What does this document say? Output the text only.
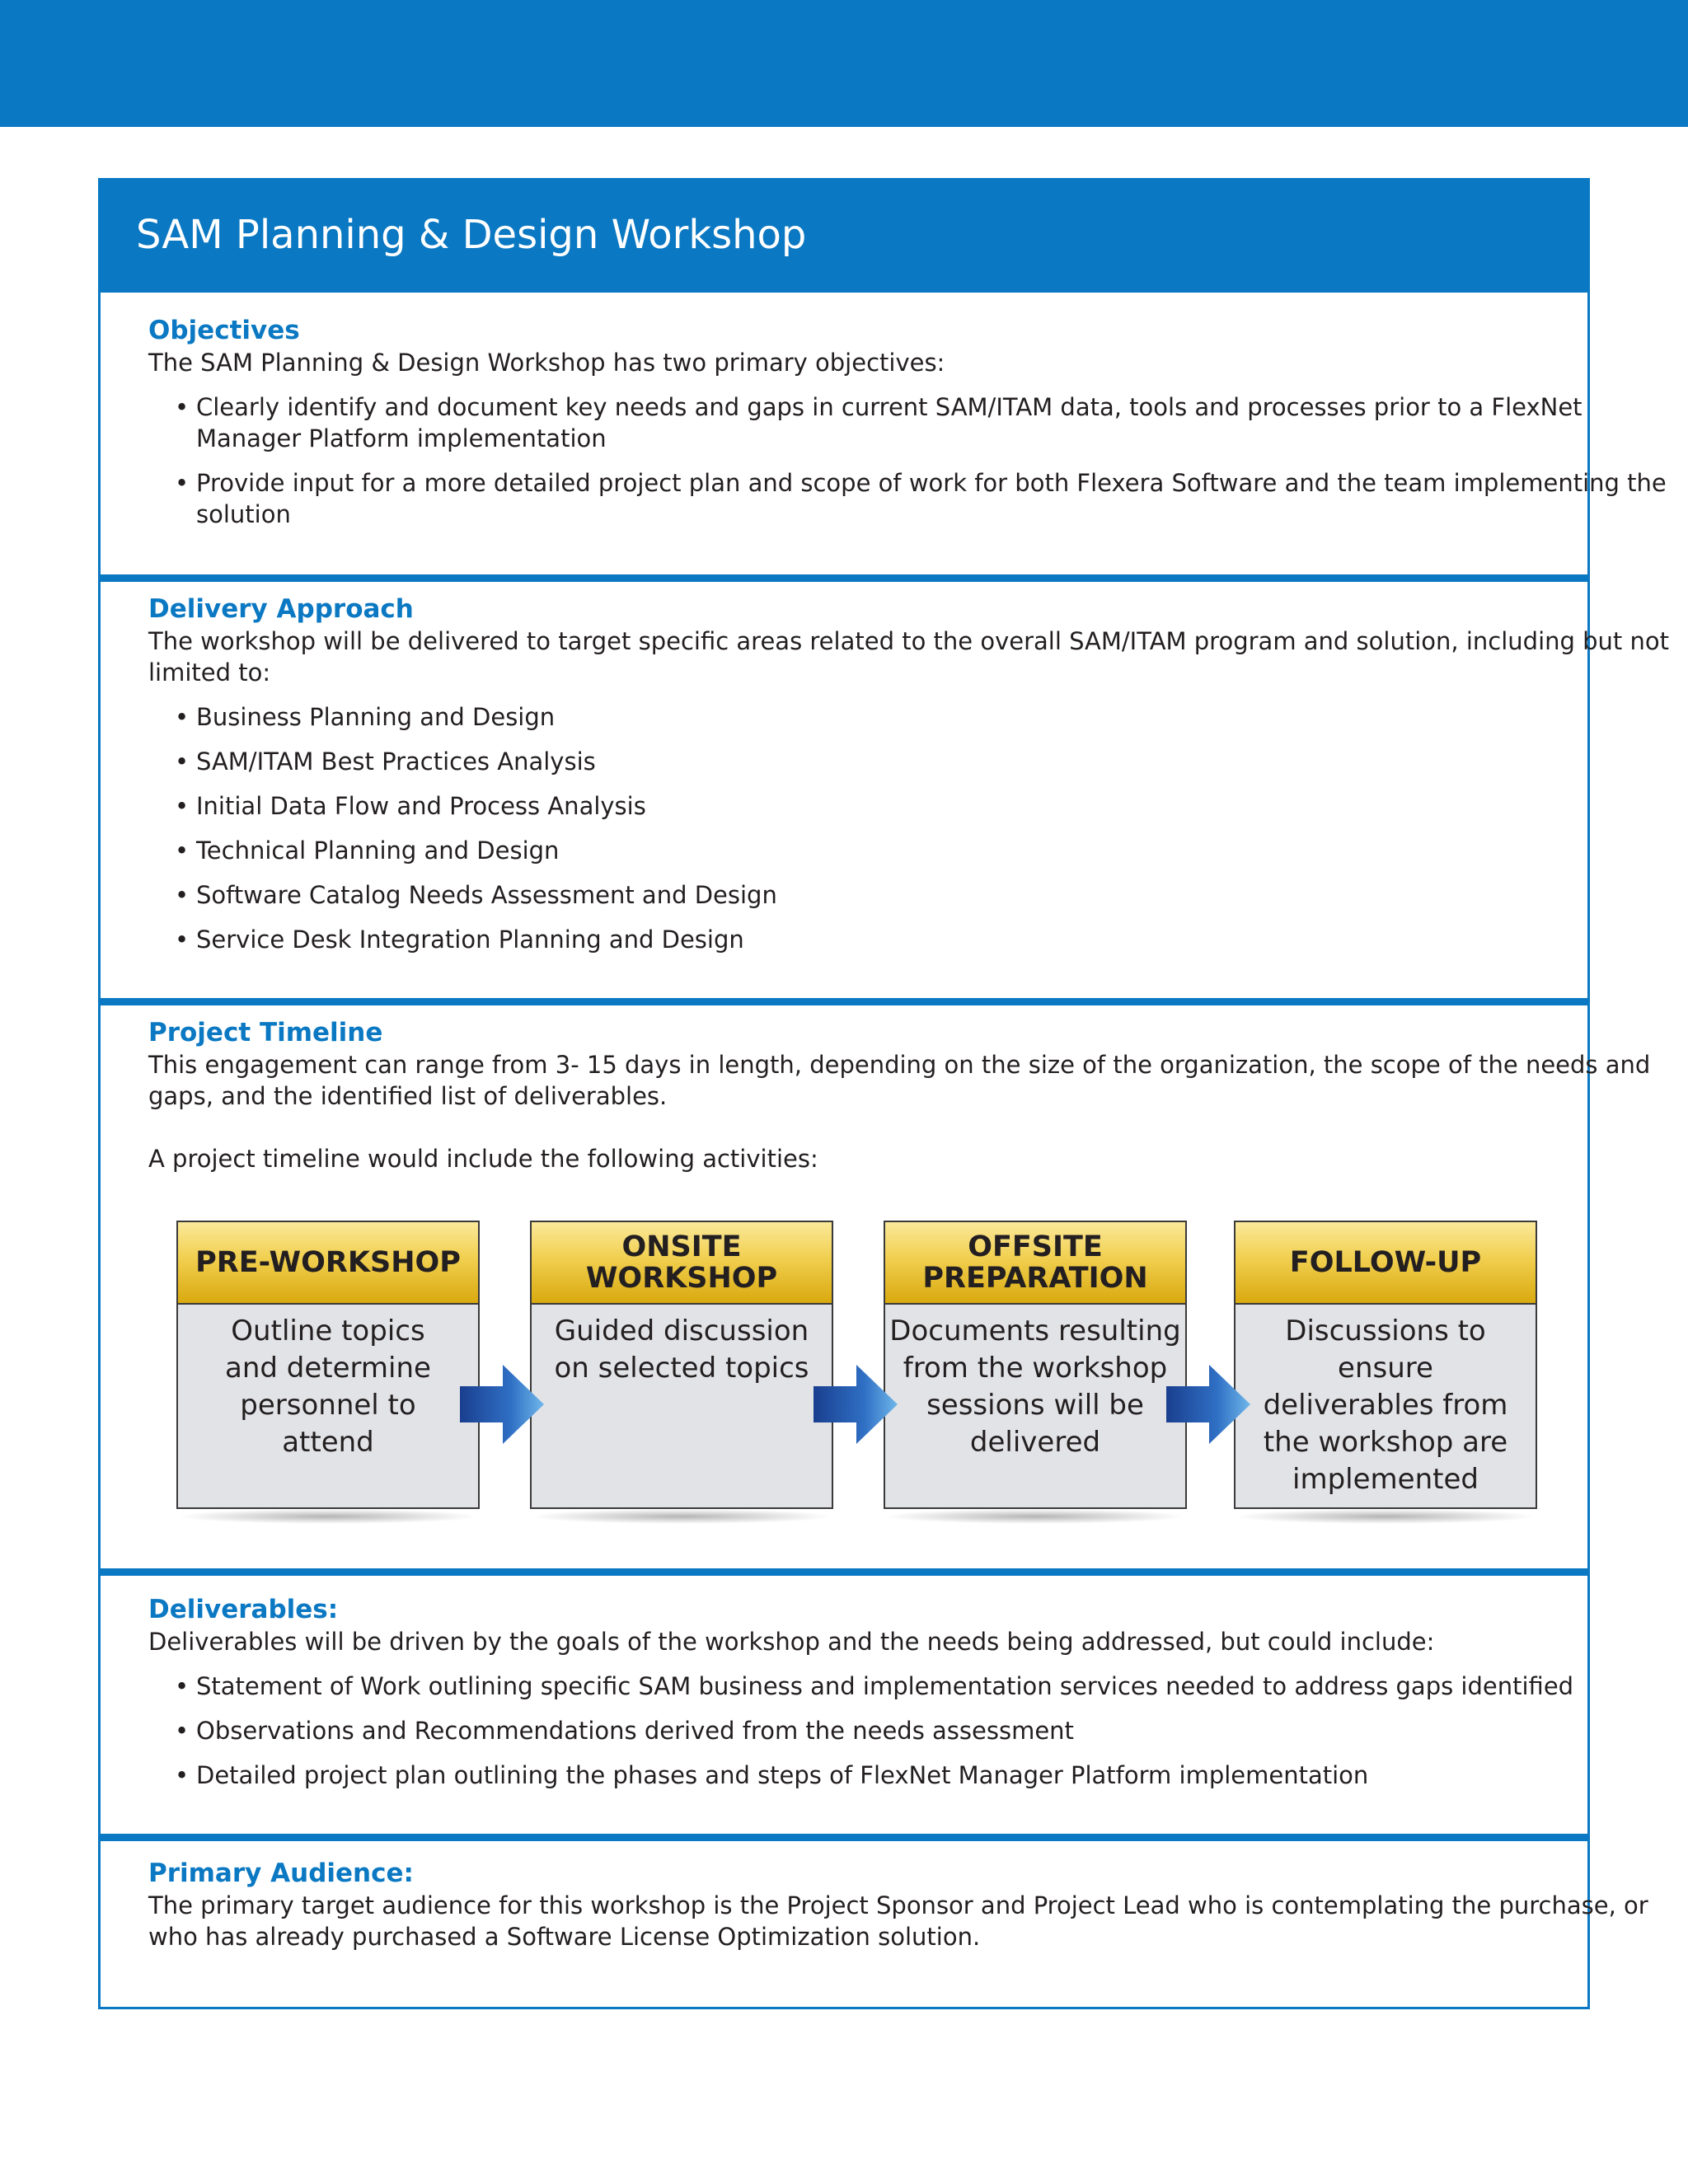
SAM Planning & Design Workshop
Objectives
The SAM Planning & Design Workshop has two primary objectives:
• Clearly identify and document key needs and gaps in current SAM/ITAM data, tools and processes prior to a FlexNet
Manager Platform implementation
• Provide input for a more detailed project plan and scope of work for both Flexera Software and the team implementing the
solution
Delivery Approach
The workshop will be delivered to target specific areas related to the overall SAM/ITAM program and solution, including but not
limited to:
• Business Planning and Design
• SAM/ITAM Best Practices Analysis
• Initial Data Flow and Process Analysis
• Technical Planning and Design
• Software Catalog Needs Assessment and Design
• Service Desk Integration Planning and Design
Project Timeline
This engagement can range from 3- 15 days in length, depending on the size of the organization, the scope of the needs and
gaps, and the identified list of deliverables.
A project timeline would include the following activities:
PRE-WORKSHOP
Outline topics
and determine
personnel to
attend
ONSITE
WORKSHOP
Guided discussion
on selected topics
OFFSITE
PREPARATION
Documents resulting
from the workshop
sessions will be
delivered
FOLLOW-UP
Discussions to ensure
deliverables from
the workshop are
implemented
Deliverables:
Deliverables will be driven by the goals of the workshop and the needs being addressed, but could include:
• Statement of Work outlining specific SAM business and implementation services needed to address gaps identified
• Observations and Recommendations derived from the needs assessment
• Detailed project plan outlining the phases and steps of FlexNet Manager Platform implementation
Primary Audience:
The primary target audience for this workshop is the Project Sponsor and Project Lead who is contemplating the purchase, or
who has already purchased a Software License Optimization solution.
